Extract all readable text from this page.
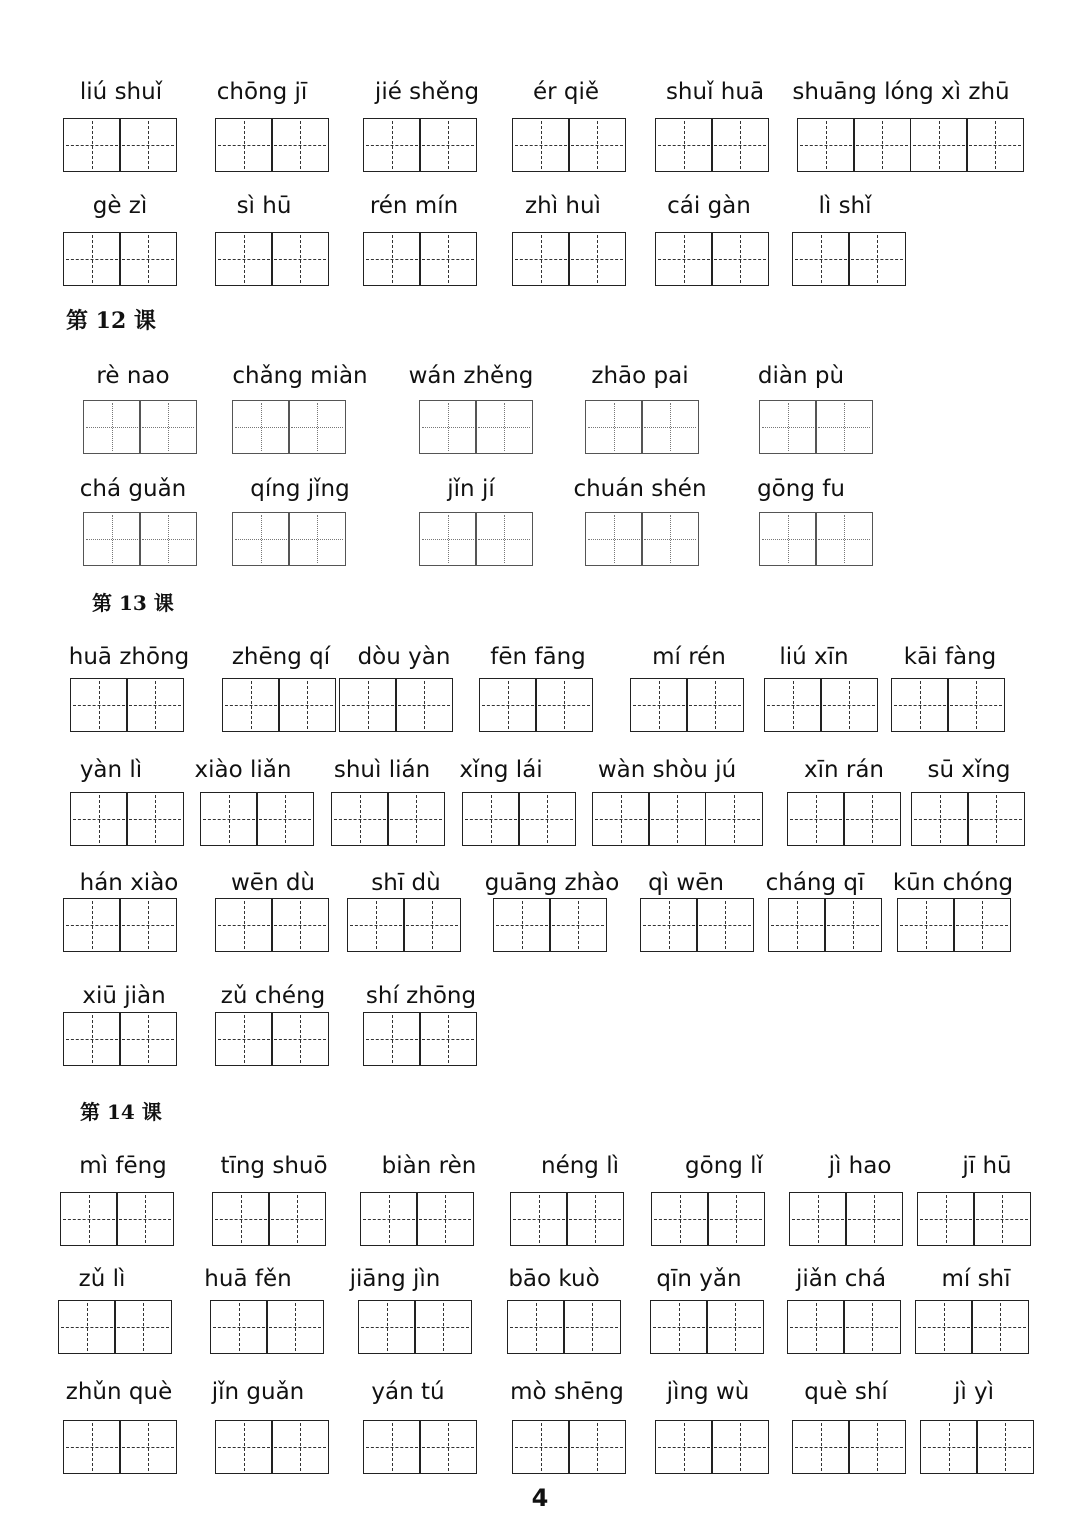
liú shuǐ chōng jī	jié shěng ér qiě	shuǐ huā shuāng lóng xì zhū
gè zì	sì hū	rén mín	zhì huì	cái gàn	lì shǐ
rè nao	chǎng miàn wán zhěng	zhāo pai	diàn pù
chá guǎn	qíng jǐng	jǐn jí	chuán shén gōng fu
huā zhōng zhēng qí dòu yàn fēn fāng	mí rén liú xīn kāi fàng
yàn lì xiào liǎn shuì lián xǐng lái wàn shòu jú	xīn rán sū xǐng
hán xiào wēn dù shī dù guāng zhào qì wēn cháng qī kūn chóng
xiū jiàn zǔ chéng shí zhōng
mì fēng tīng shuō biàn rèn	néng lì	gōng lǐ	jì hao	jī hū
zǔ lì	huā fěn	jiāng jìn	bāo kuò qīn yǎn jiǎn chá mí shī
zhǔn què jǐn guǎn	yán tú	mò shēng jìng wù què shí	jì yì
第 12 课
第 13 课
第 14 课
4
